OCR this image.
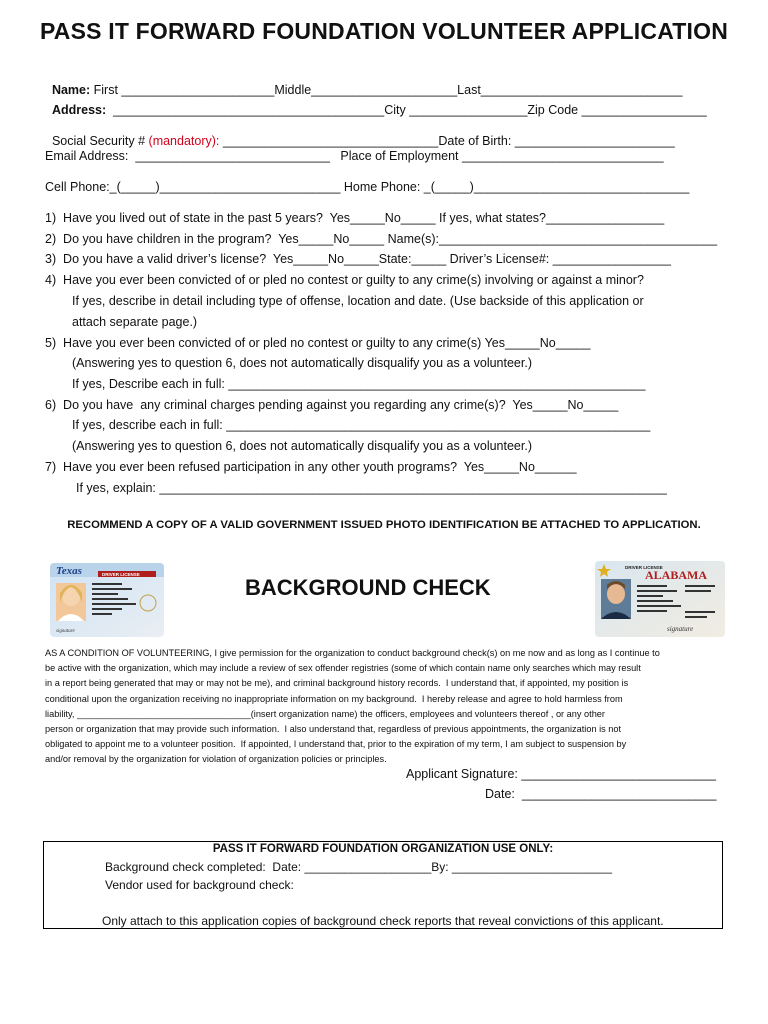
PASS IT FORWARD FOUNDATION VOLUNTEER APPLICATION

Name: First ______________________Middle_____________________Last_____________________________

Address:  _______________________________________City _________________Zip Code __________________

Social Security # (mandatory): _______________________________Date of Birth: _______________________

Email Address:  ____________________________   Place of Employment _____________________________
Cell Phone:_(_____)__________________________ Home Phone: _(_____)_______________________________
1)  Have you lived out of state in the past 5 years?  Yes_____No_____ If yes, what states?_________________
2)  Do you have children in the program?  Yes_____No_____ Name(s):________________________________________
3)  Do you have a valid driver’s license?  Yes_____No_____State:_____ Driver’s License#: _________________
4)  Have you ever been convicted of or pled no contest or guilty to any crime(s) involving or against a minor?
If yes, describe in detail including type of offense, location and date. (Use backside of this application or
attach separate page.)
5)  Have you ever been convicted of or pled no contest or guilty to any crime(s) Yes_____No_____
(Answering yes to question 6, does not automatically disqualify you as a volunteer.)
If yes, Describe each in full: ____________________________________________________________
6)  Do you have  any criminal charges pending against you regarding any crime(s)?  Yes_____No_____
If yes, describe each in full: _____________________________________________________________
(Answering yes to question 6, does not automatically disqualify you as a volunteer.)
7)  Have you ever been refused participation in any other youth programs?  Yes_____No______
If yes, explain: _________________________________________________________________________
RECOMMEND A COPY OF A VALID GOVERNMENT ISSUED PHOTO IDENTIFICATION BE ATTACHED TO APPLICATION.
Texas	DRIVER LICENSE
signature
BACKGROUND CHECK
DRIVER LICENSE
ALABAMA
signature
AS A CONDITION OF VOLUNTEERING, I give permission for the organization to conduct background check(s) on me now and as long as I continue to
be active with the organization, which may include a review of sex offender registries (some of which contain name only searches which may result
in a report being generated that may or may not be me), and criminal background history records.  I understand that, if appointed, my position is
conditional upon the organization receiving no inappropriate information on my background.  I hereby release and agree to hold harmless from
liability, __________________________________(insert organization name) the officers, employees and volunteers thereof , or any other
person or organization that may provide such information.  I also understand that, regardless of previous appointments, the organization is not
obligated to appoint me to a volunteer position.  If appointed, I understand that, prior to the expiration of my term, I am subject to suspension by
and/or removal by the organization for violation of organization policies or principles.
Applicant Signature: ____________________________
Date:  ____________________________
PASS IT FORWARD FOUNDATION ORGANIZATION USE ONLY:
Background check completed:  Date: ___________________By: ________________________
Vendor used for background check:
Only attach to this application copies of background check reports that reveal convictions of this applicant.
